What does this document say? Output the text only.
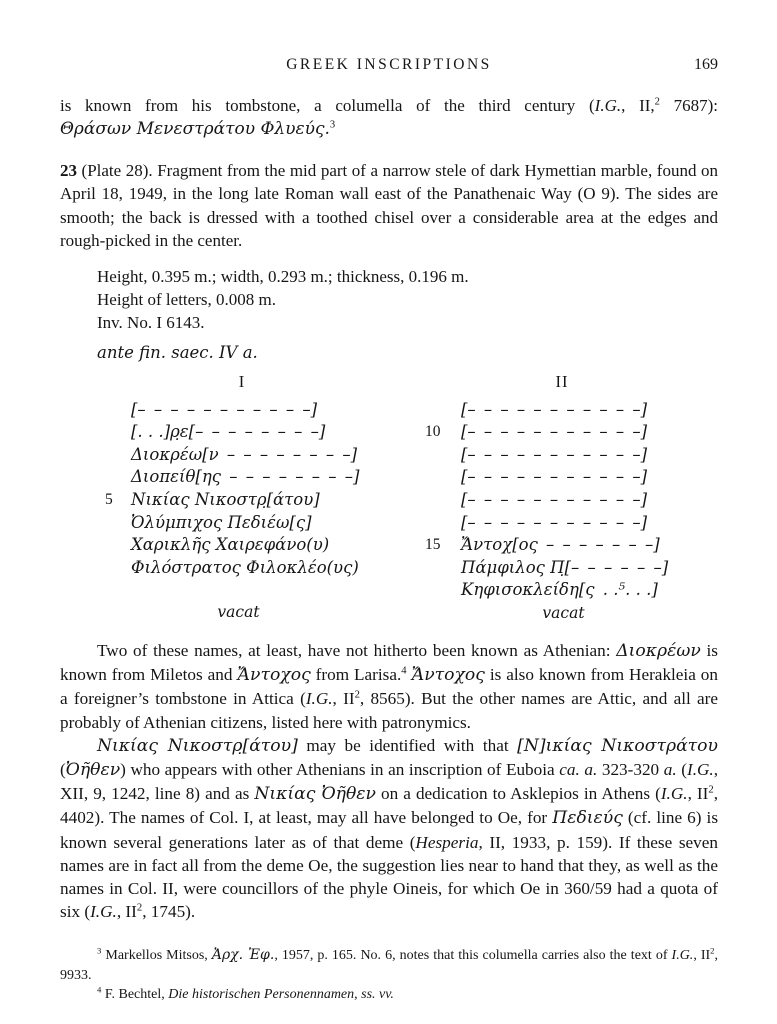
GREEK INSCRIPTIONS	169

is known from his tombstone, a columella of the third century (I.G., II,$^2$ 7687):

Θράσων Μενεστράτου Φλυεύς.$^3$

23 (Plate 28). Fragment from the mid part of a narrow stele of dark Hymettian marble, found on April 18, 1949, in the long late Roman wall east of the Panathenaic Way (O 9). The sides are smooth; the back is dressed with a toothed chisel over a considerable area at the edges and rough-picked in the center.

Height, 0.395 m.; width, 0.293 m.; thickness, 0.196 m.

Height of letters, 0.008 m.

Inv. No. I 6143.

ante fin. saec. IV a.

I
[– – – – – – – – – – –]
[. . .]ρ̣ε[– – – – – – – –]
Διοκρέω[ν – – – – – – – –]
Διοπείθ[ης – – – – – – – –]
5	Νικίας Νικοστρ̣[άτου]
Ὀλύμπιχος Πεδιέω[ς]
Χαρικλῆς Χαιρεφάνο(υ)
Φιλόστρατος Φιλοκλέο(υς)
vacat
II
[– – – – – – – – – – –]
10	[– – – – – – – – – – –]
[– – – – – – – – – – –]
[– – – – – – – – – – –]
[– – – – – – – – – – –]
[– – – – – – – – – – –]
15	Ἄντοχ[ος – – – – – – –]
Πάμφιλος Π̣[– – – – – –]
Κηφισοκλείδη[ς . .⁵. . .]
vacat

Two of these names, at least, have not hitherto been known as Athenian: Διοκρέων is known from Miletos and Ἄντοχος from Larisa.$^4$ Ἄντοχος is also known from Herakleia on a foreigner’s tombstone in Attica (I.G., $II^2$, 8565). But the other names are Attic, and all are probably of Athenian citizens, listed here with patronymics.

Νικίας Νικοστρ̣[άτου] may be identified with that [Ν]ικίας Νικοστράτου (Ὀῆθεν) who appears with other Athenians in an inscription of Euboia ca. a. 323-320 a. (I.G., XII, 9, 1242, line 8) and as Νικίας Ὀῆθεν on a dedication to Asklepios in Athens (I.G., $II^2$, 4402). The names of Col. I, at least, may all have belonged to Oe, for Πεδιεύς (cf. line 6) is known several generations later as of that deme (Hesperia, II, 1933, p. 159). If these seven names are in fact all from the deme Oe, the suggestion lies near to hand that they, as well as the names in Col. II, were councillors of the phyle Oineis, for which Oe in 360/59 had a quota of six (I.G., $II^2$, 1745).

$^3$ Markellos Mitsos, Ἀρχ. Ἐφ., 1957, p. 165. No. 6, notes that this columella carries also the text of I.G., $II^2$, 9933.

$^4$ F. Bechtel, Die historischen Personennamen, ss. vv.
